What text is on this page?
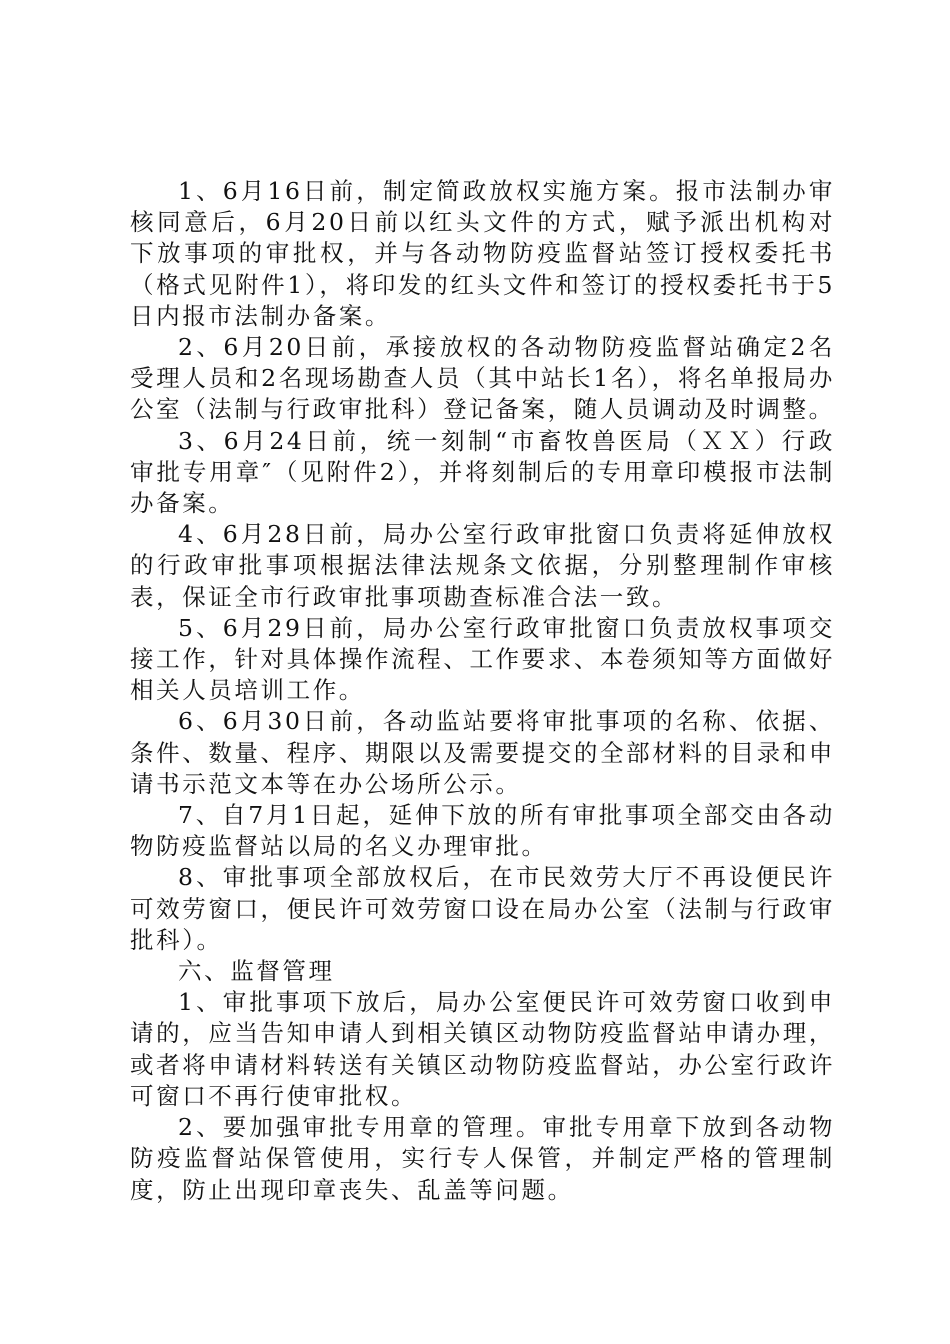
1、6月16日前，制定简政放权实施方案。报市法制办审核同意后，6月20日前以红头文件的方式，赋予派出机构对下放事项的审批权，并与各动物防疫监督站签订授权委托书（格式见附件1），将印发的红头文件和签订的授权委托书于5日内报市法制办备案。

2、6月20日前，承接放权的各动物防疫监督站确定2名受理人员和2名现场勘查人员（其中站长1名），将名单报局办公室（法制与行政审批科）登记备案，随人员调动及时调整。

3、6月24日前，统一刻制“市畜牧兽医局（ＸＸ）行政审批专用章″（见附件2），并将刻制后的专用章印模报市法制办备案。

4、6月28日前，局办公室行政审批窗口负责将延伸放权的行政审批事项根据法律法规条文依据，分别整理制作审核表，保证全市行政审批事项勘查标准合法一致。

5、6月29日前，局办公室行政审批窗口负责放权事项交接工作，针对具体操作流程、工作要求、本卷须知等方面做好相关人员培训工作。

6、6月30日前，各动监站要将审批事项的名称、依据、条件、数量、程序、期限以及需要提交的全部材料的目录和申请书示范文本等在办公场所公示。

7、自7月1日起，延伸下放的所有审批事项全部交由各动物防疫监督站以局的名义办理审批。

8、审批事项全部放权后，在市民效劳大厅不再设便民许可效劳窗口，便民许可效劳窗口设在局办公室（法制与行政审批科）。

六、监督管理

1、审批事项下放后，局办公室便民许可效劳窗口收到申请的，应当告知申请人到相关镇区动物防疫监督站申请办理，或者将申请材料转送有关镇区动物防疫监督站，办公室行政许可窗口不再行使审批权。

2、要加强审批专用章的管理。审批专用章下放到各动物防疫监督站保管使用，实行专人保管，并制定严格的管理制度，防止出现印章丧失、乱盖等问题。
